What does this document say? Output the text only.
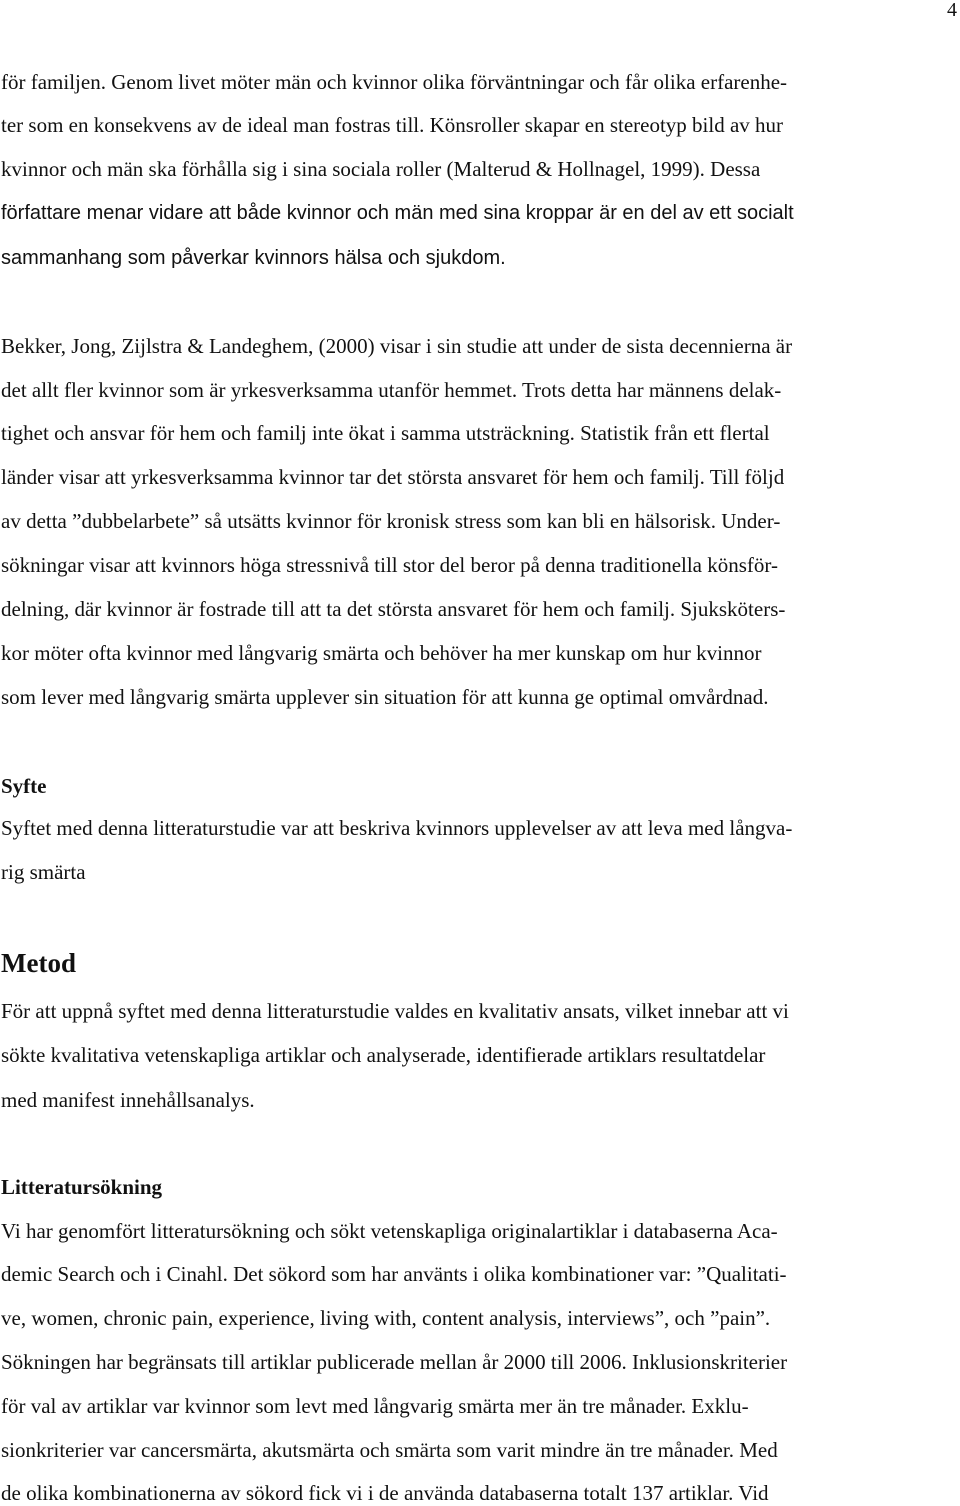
4
för familjen. Genom livet möter män och kvinnor olika förväntningar och får olika erfarenhe-
ter som en konsekvens av de ideal man fostras till. Könsroller skapar en stereotyp bild av hur
kvinnor och män ska förhålla sig i sina sociala roller (Malterud & Hollnagel, 1999). Dessa
författare menar vidare att både kvinnor och män med sina kroppar är en del av ett socialt
sammanhang som påverkar kvinnors hälsa och sjukdom.
Bekker, Jong, Zijlstra & Landeghem, (2000) visar i sin studie att under de sista decennierna är
det allt fler kvinnor som är yrkesverksamma utanför hemmet. Trots detta har männens delak-
tighet och ansvar för hem och familj inte ökat i samma utsträckning. Statistik från ett flertal
länder visar att yrkesverksamma kvinnor tar det största ansvaret för hem och familj. Till följd
av detta ”dubbelarbete” så utsätts kvinnor för kronisk stress som kan bli en hälsorisk. Under-
sökningar visar att kvinnors höga stressnivå till stor del beror på denna traditionella könsför-
delning, där kvinnor är fostrade till att ta det största ansvaret för hem och familj. Sjuksköters-
kor möter ofta kvinnor med långvarig smärta och behöver ha mer kunskap om hur kvinnor
som lever med långvarig smärta upplever sin situation för att kunna ge optimal omvårdnad.
Syfte
Syftet med denna litteraturstudie var att beskriva kvinnors upplevelser av att leva med långva-
rig smärta
Metod
För att uppnå syftet med denna litteraturstudie valdes en kvalitativ ansats, vilket innebar att vi
sökte kvalitativa vetenskapliga artiklar och analyserade, identifierade artiklars resultatdelar
med manifest innehållsanalys.
Litteratursökning
Vi har genomfört litteratursökning och sökt vetenskapliga originalartiklar i databaserna Aca-
demic Search och i Cinahl. Det sökord som har använts i olika kombinationer var: ”Qualitati-
ve, women, chronic pain, experience, living with, content analysis, interviews”, och ”pain”.
Sökningen har begränsats till artiklar publicerade mellan år 2000 till 2006. Inklusionskriterier
för val av artiklar var kvinnor som levt med långvarig smärta mer än tre månader. Exklu-
sionkriterier var cancersmärta, akutsmärta och smärta som varit mindre än tre månader. Med
de olika kombinationerna av sökord fick vi i de använda databaserna totalt 137 artiklar. Vid
